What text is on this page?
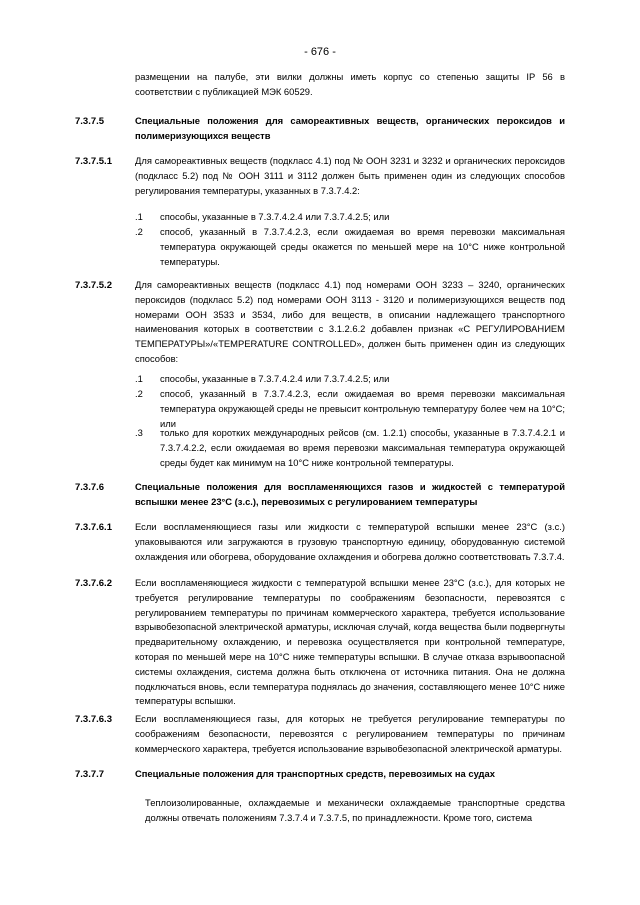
- 676 -
размещении на палубе, эти вилки должны иметь корпус со степенью защиты IP 56 в соответствии с публикацией МЭК 60529.
7.3.7.5	Специальные положения для самореактивных веществ, органических пероксидов и полимеризующихся веществ
7.3.7.5.1 Для самореактивных веществ (подкласс 4.1) под № ООН 3231 и 3232 и органических пероксидов (подкласс 5.2) под № ООН 3111 и 3112 должен быть применен один из следующих способов регулирования температуры, указанных в 7.3.7.4.2:
.1 способы, указанные в 7.3.7.4.2.4 или 7.3.7.4.2.5; или
.2 способ, указанный в 7.3.7.4.2.3, если ожидаемая во время перевозки максимальная температура окружающей среды окажется по меньшей мере на 10°C ниже контрольной температуры.
7.3.7.5.2 Для самореактивных веществ (подкласс 4.1) под номерами ООН 3233 – 3240, органических пероксидов (подкласс 5.2) под номерами ООН 3113 - 3120 и полимеризующихся веществ под номерами ООН 3533 и 3534, либо для веществ, в описании надлежащего транспортного наименования которых в соответствии с 3.1.2.6.2 добавлен признак «С РЕГУЛИРОВАНИЕМ ТЕМПЕРАТУРЫ»/«TEMPERATURE CONTROLLED», должен быть применен один из следующих способов:
.1 способы, указанные в 7.3.7.4.2.4 или 7.3.7.4.2.5; или
.2 способ, указанный в 7.3.7.4.2.3, если ожидаемая во время перевозки максимальная температура окружающей среды не превысит контрольную температуру более чем на 10°C; или
.3 только для коротких международных рейсов (см. 1.2.1) способы, указанные в 7.3.7.4.2.1 и 7.3.7.4.2.2, если ожидаемая во время перевозки максимальная температура окружающей среды будет как минимум на 10°C ниже контрольной температуры.
7.3.7.6	Специальные положения для воспламеняющихся газов и жидкостей с температурой вспышки менее 23°C (з.с.), перевозимых с регулированием температуры
7.3.7.6.1 Если воспламеняющиеся газы или жидкости с температурой вспышки менее 23°C (з.с.) упаковываются или загружаются в грузовую транспортную единицу, оборудованную системой охлаждения или обогрева, оборудование охлаждения и обогрева должно соответствовать 7.3.7.4.
7.3.7.6.2 Если воспламеняющиеся жидкости с температурой вспышки менее 23°C (з.с.), для которых не требуется регулирование температуры по соображениям безопасности, перевозятся с регулированием температуры по причинам коммерческого характера, требуется использование взрывобезопасной электрической арматуры, исключая случай, когда вещества были подвергнуты предварительному охлаждению, и перевозка осуществляется при контрольной температуре, которая по меньшей мере на 10°C ниже температуры вспышки. В случае отказа взрывоопасной системы охлаждения, система должна быть отключена от источника питания. Она не должна подключаться вновь, если температура поднялась до значения, составляющего менее 10°C ниже температуры вспышки.
7.3.7.6.3 Если воспламеняющиеся газы, для которых не требуется регулирование температуры по соображениям безопасности, перевозятся с регулированием температуры по причинам коммерческого характера, требуется использование взрывобезопасной электрической арматуры.
7.3.7.7	Специальные положения для транспортных средств, перевозимых на судах
Теплоизолированные, охлаждаемые и механически охлаждаемые транспортные средства должны отвечать положениям 7.3.7.4 и 7.3.7.5, по принадлежности. Кроме того, система
